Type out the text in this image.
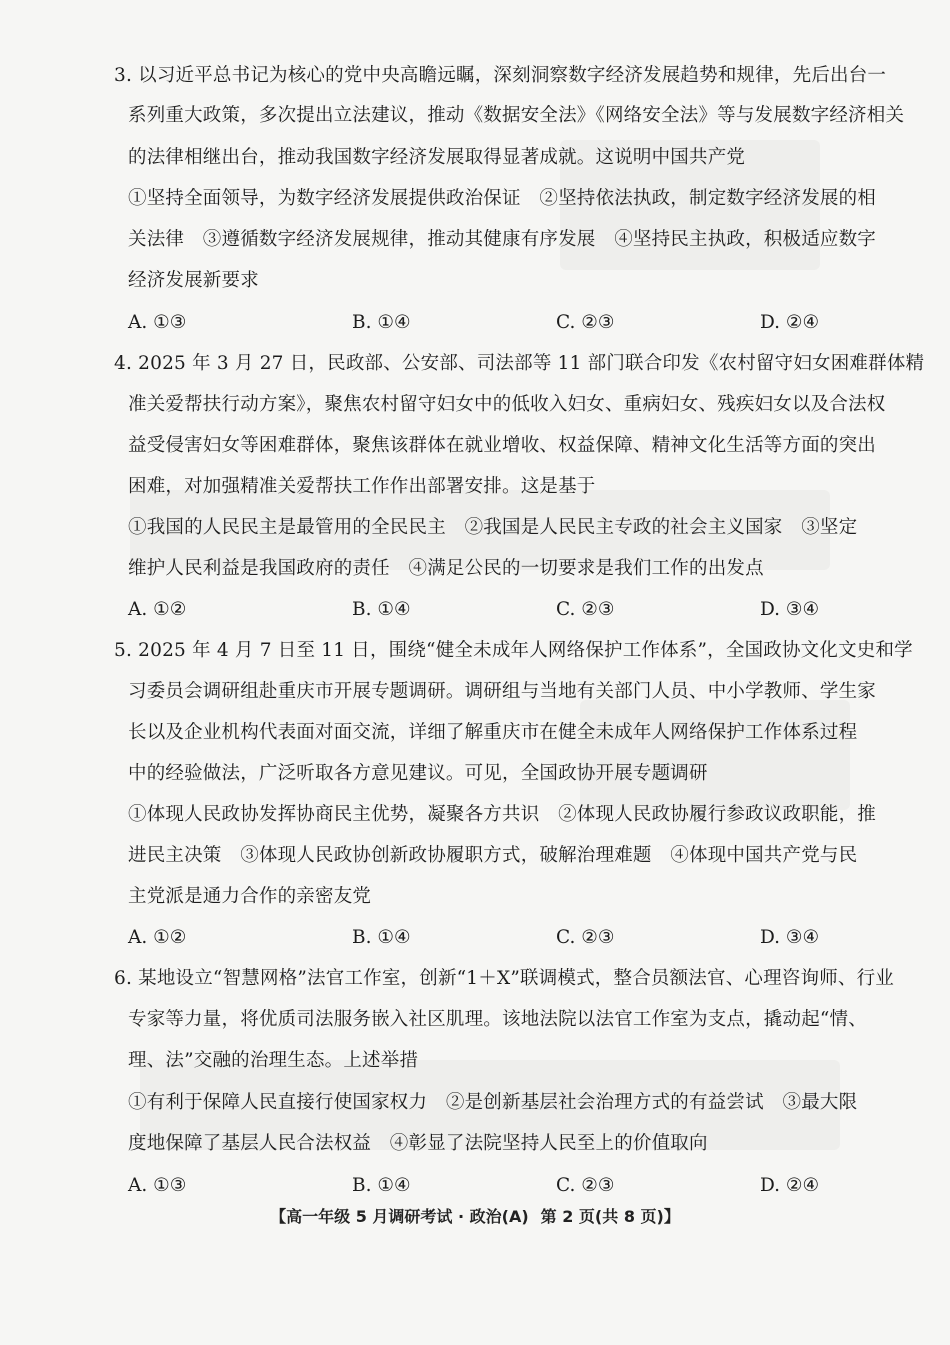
3. 以习近平总书记为核心的党中央高瞻远瞩，深刻洞察数字经济发展趋势和规律，先后出台一
系列重大政策，多次提出立法建议，推动《数据安全法》《网络安全法》等与发展数字经济相关
的法律相继出台，推动我国数字经济发展取得显著成就。这说明中国共产党
①坚持全面领导，为数字经济发展提供政治保证　②坚持依法执政，制定数字经济发展的相
关法律　③遵循数字经济发展规律，推动其健康有序发展　④坚持民主执政，积极适应数字
经济发展新要求
A. ①③	B. ①④	C. ②③	D. ②④
4. 2025 年 3 月 27 日，民政部、公安部、司法部等 11 部门联合印发《农村留守妇女困难群体精
准关爱帮扶行动方案》，聚焦农村留守妇女中的低收入妇女、重病妇女、残疾妇女以及合法权
益受侵害妇女等困难群体，聚焦该群体在就业增收、权益保障、精神文化生活等方面的突出
困难，对加强精准关爱帮扶工作作出部署安排。这是基于
①我国的人民民主是最管用的全民民主　②我国是人民民主专政的社会主义国家　③坚定
维护人民利益是我国政府的责任　④满足公民的一切要求是我们工作的出发点
A. ①②	B. ①④	C. ②③	D. ③④
5. 2025 年 4 月 7 日至 11 日，围绕“健全未成年人网络保护工作体系”，全国政协文化文史和学
习委员会调研组赴重庆市开展专题调研。调研组与当地有关部门人员、中小学教师、学生家
长以及企业机构代表面对面交流，详细了解重庆市在健全未成年人网络保护工作体系过程
中的经验做法，广泛听取各方意见建议。可见，全国政协开展专题调研
①体现人民政协发挥协商民主优势，凝聚各方共识　②体现人民政协履行参政议政职能，推
进民主决策　③体现人民政协创新政协履职方式，破解治理难题　④体现中国共产党与民
主党派是通力合作的亲密友党
A. ①②	B. ①④	C. ②③	D. ③④
6. 某地设立“智慧网格”法官工作室，创新“1＋X”联调模式，整合员额法官、心理咨询师、行业
专家等力量，将优质司法服务嵌入社区肌理。该地法院以法官工作室为支点，撬动起“情、
理、法”交融的治理生态。上述举措
①有利于保障人民直接行使国家权力　②是创新基层社会治理方式的有益尝试　③最大限
度地保障了基层人民合法权益　④彰显了法院坚持人民至上的价值取向
A. ①③	B. ①④	C. ②③	D. ②④
【高一年级 5 月调研考试 · 政治(A) 第 2 页(共 8 页)】
